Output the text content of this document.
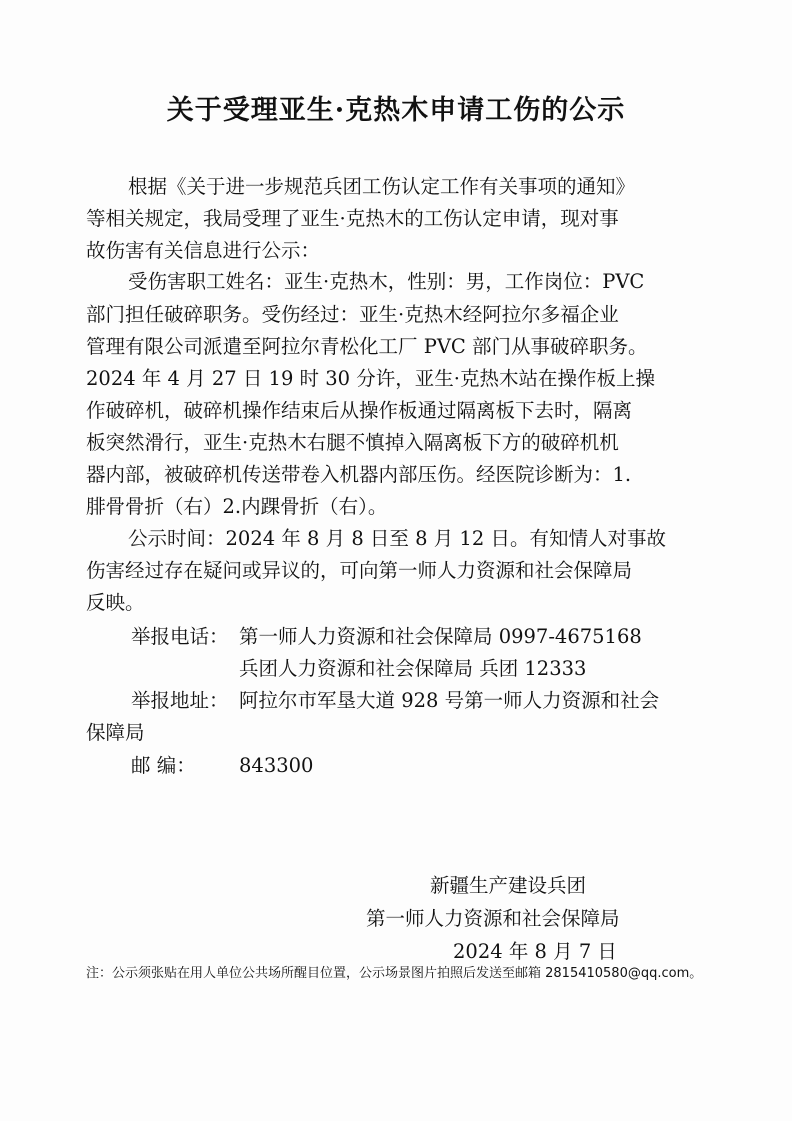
关于受理亚生·克热木申请工伤的公示
根据《关于进一步规范兵团工伤认定工作有关事项的通知》
等相关规定，我局受理了亚生·克热木的工伤认定申请，现对事
故伤害有关信息进行公示：
受伤害职工姓名：亚生·克热木，性别：男，工作岗位：PVC
部门担任破碎职务。受伤经过：亚生·克热木经阿拉尔多福企业
管理有限公司派遣至阿拉尔青松化工厂 PVC 部门从事破碎职务。
2024 年 4 月 27 日 19 时 30 分许，亚生·克热木站在操作板上操
作破碎机，破碎机操作结束后从操作板通过隔离板下去时，隔离
板突然滑行，亚生·克热木右腿不慎掉入隔离板下方的破碎机机
器内部，被破碎机传送带卷入机器内部压伤。经医院诊断为：1.
腓骨骨折（右）2.内踝骨折（右）。
公示时间：2024 年 8 月 8 日至 8 月 12 日。有知情人对事故
伤害经过存在疑问或异议的，可向第一师人力资源和社会保障局
反映。
举报电话： 第一师人力资源和社会保障局 0997-4675168
兵团人力资源和社会保障局 兵团 12333
举报地址： 阿拉尔市军垦大道 928 号第一师人力资源和社会
保障局
邮 编： 843300
新疆生产建设兵团
第一师人力资源和社会保障局
2024 年 8 月 7 日
注：公示须张贴在用人单位公共场所醒目位置，公示场景图片拍照后发送至邮箱 2815410580@qq.com。
